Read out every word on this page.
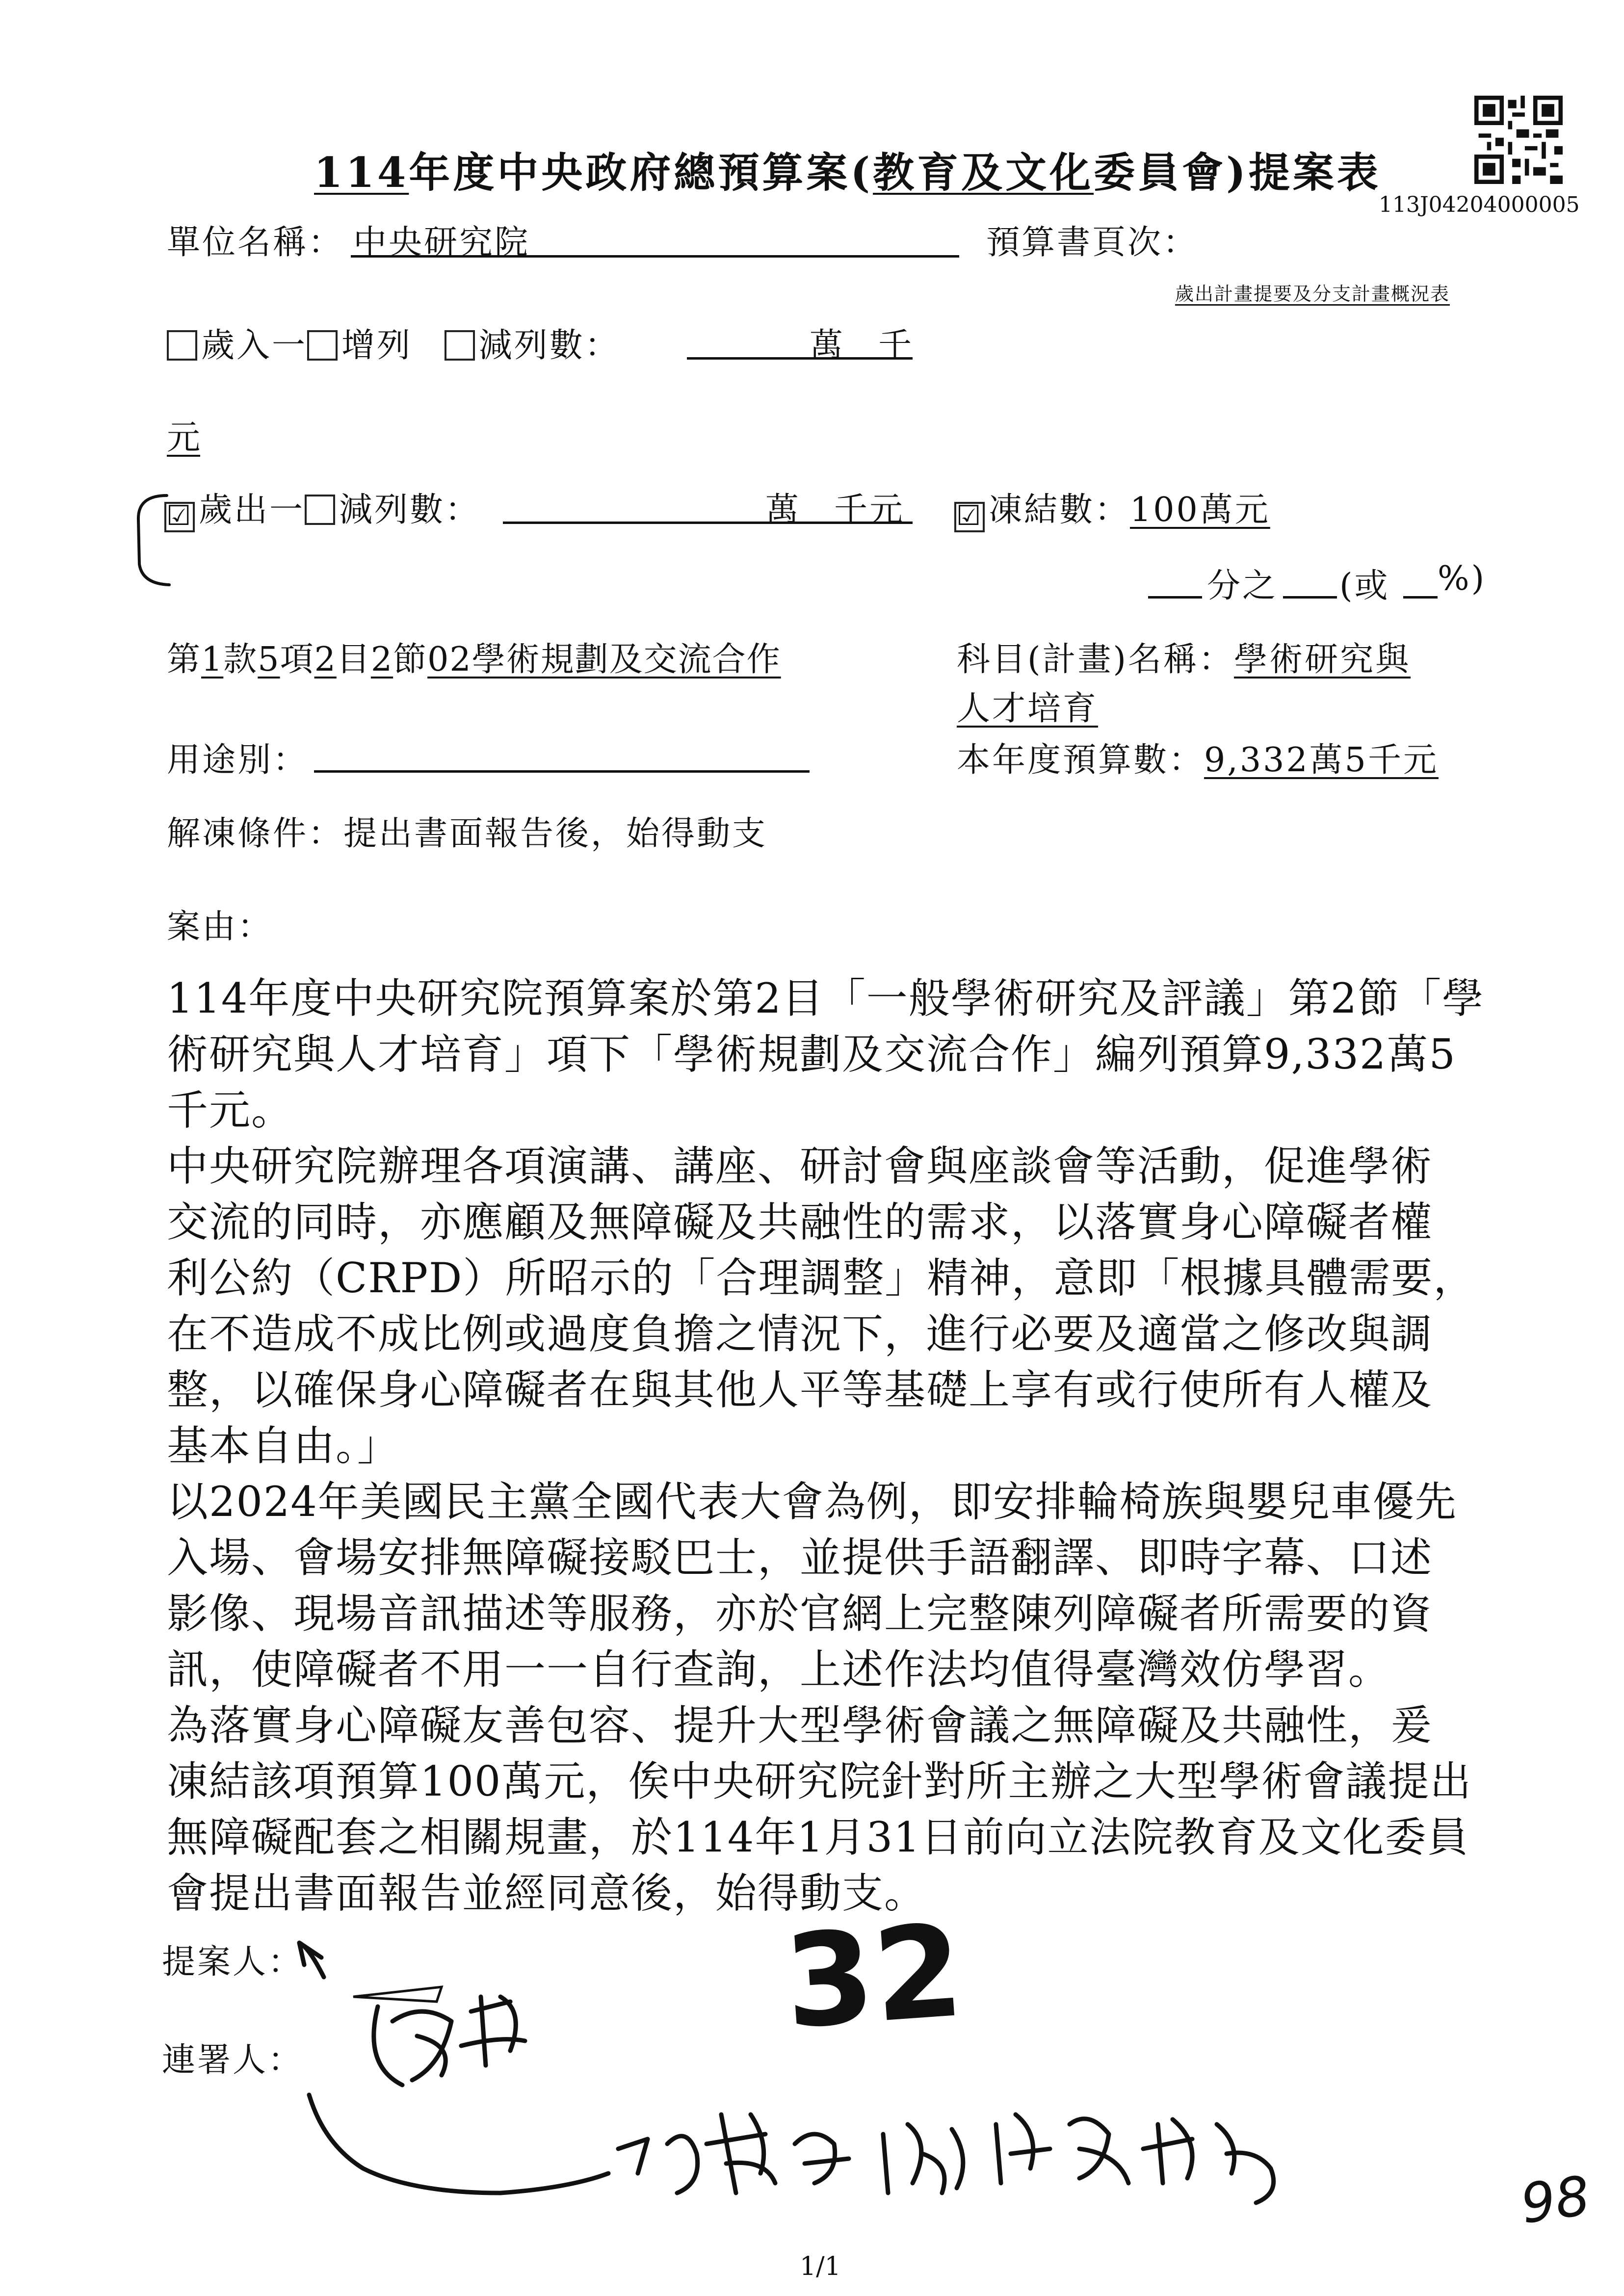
113J04204000005
114年度中央政府總預算案(教育及文化委員會)提案表
單位名稱： 中央研究院	預算書頁次：
歲出計畫提要及分支計畫概況表
歲入一 增列 減列數：	萬 千
元
☑ 歲出一 減列數：	萬 千元 ☑ 凍結數：100萬元
分之 (或 %)
第1款5項2目2節02學術規劃及交流合作	科目(計畫)名稱：學術研究與
人才培育
用途別：	本年度預算數：9,332萬5千元
解凍條件：提出書面報告後，始得動支
案由：

114年度中央研究院預算案於第2目「一般學術研究及評議」第2節「學

術研究與人才培育」項下「學術規劃及交流合作」編列預算9,332萬5

千元。

中央研究院辦理各項演講、講座、研討會與座談會等活動，促進學術

交流的同時，亦應顧及無障礙及共融性的需求，以落實身心障礙者權

利公約（CRPD）所昭示的「合理調整」精神，意即「根據具體需要，

在不造成不成比例或過度負擔之情況下，進行必要及適當之修改與調

整，以確保身心障礙者在與其他人平等基礎上享有或行使所有人權及

基本自由。」

以2024年美國民主黨全國代表大會為例，即安排輪椅族與嬰兒車優先

入場、會場安排無障礙接駁巴士，並提供手語翻譯、即時字幕、口述

影像、現場音訊描述等服務，亦於官網上完整陳列障礙者所需要的資

訊，使障礙者不用一一自行查詢，上述作法均值得臺灣效仿學習。

為落實身心障礙友善包容、提升大型學術會議之無障礙及共融性，爰

凍結該項預算100萬元，俟中央研究院針對所主辦之大型學術會議提出

無障礙配套之相關規畫，於114年1月31日前向立法院教育及文化委員

會提出書面報告並經同意後，始得動支。

提案人：
連署人：
32
98
1/1
